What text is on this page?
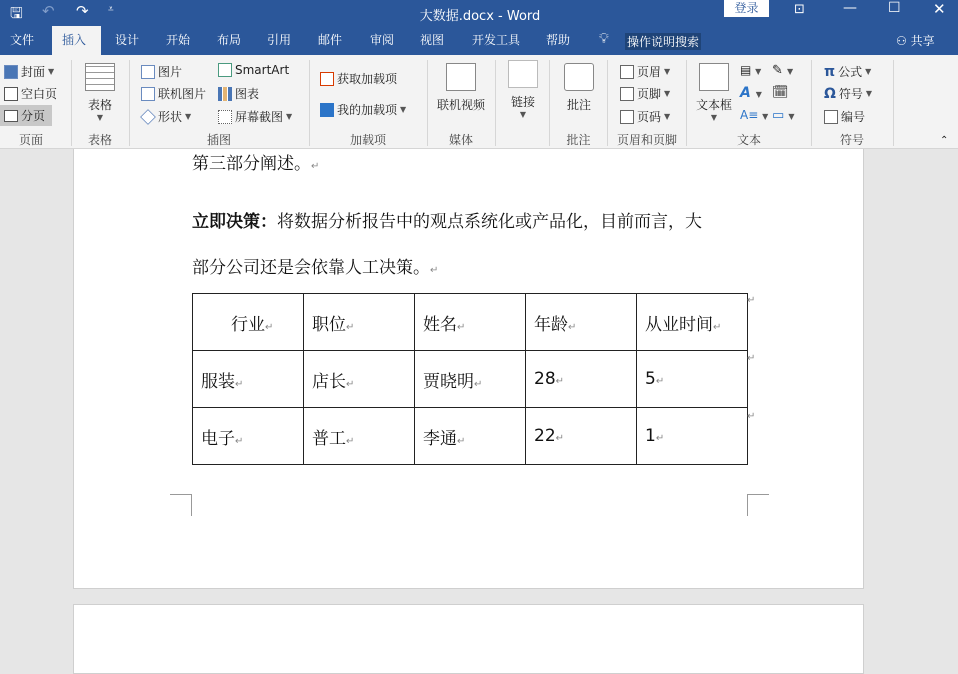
🖫 ↶ ↷ ⩡	大数据.docx - Word
登录	⊡	— ☐ ✕
文件	插入	设计	开始	布局	引用	邮件	审阅	视图	开发工具	帮助	💡︎ 操作说明搜索	⚇ 共享
封面 ▼
空白页
分页
页面
表格
▼
表格
图片
联机图片
形状 ▼
SmartArt
图表
屏幕截图 ▼
插图
获取加载项
我的加载项 ▼
加载项
联机视频
媒体
链接
▼
批注
批注
页眉 ▼
页脚 ▼
页码 ▼
页眉和页脚
文本框
▼
▤ ▼
A ▼
A≡ ▼
✎ ▼
🗓︎
▭ ▼
文本
π 公式 ▼
Ω 符号 ▼
编号
符号	⌃
第三部分阐述。↵
立即决策：将数据分析报告中的观点系统化或产品化，目前而言，大
部分公司还是会依靠人工决策。↵
行业↵	职位↵	姓名↵	年龄↵	从业时间↵
服装↵	店长↵	贾晓明↵	28↵	5↵
电子↵	普工↵	李通↵	22↵	1↵
↵
↵
↵
